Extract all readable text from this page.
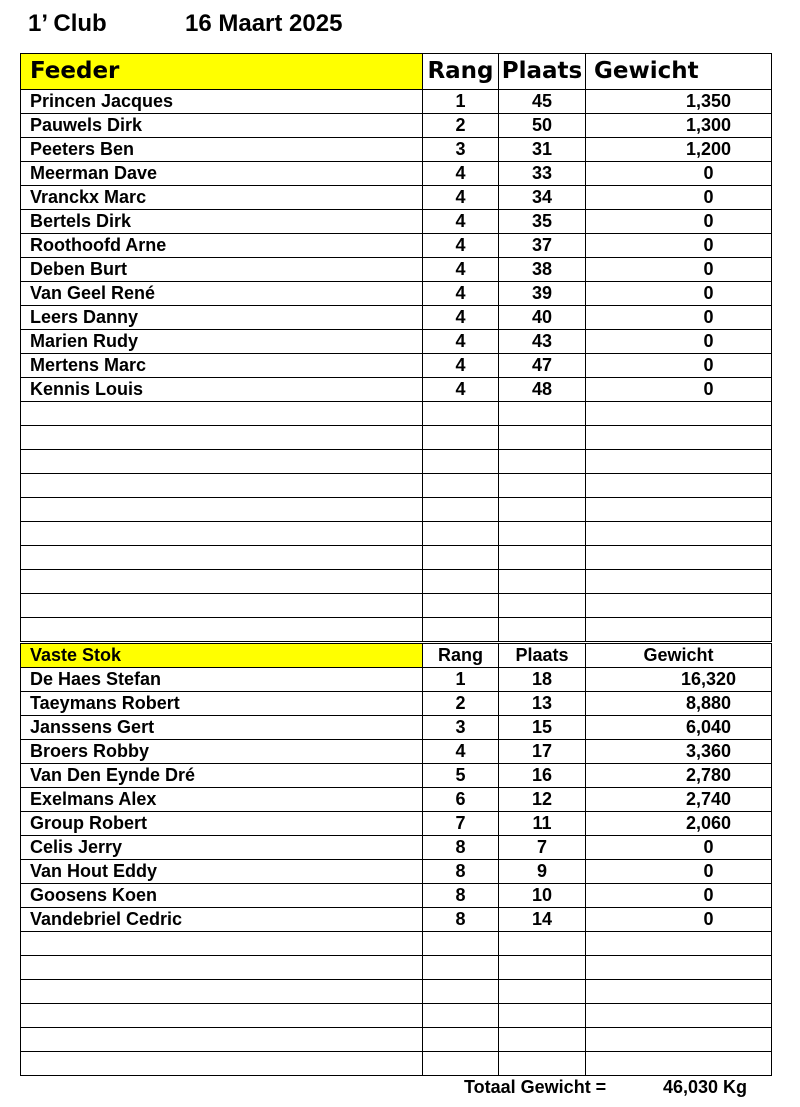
1’ Club	16 Maart 2025
Feeder	Rang	Plaats	Gewicht
Princen Jacques	1	45	1,350
Pauwels Dirk	2	50	1,300
Peeters Ben	3	31	1,200
Meerman Dave	4	33	0
Vranckx Marc	4	34	0
Bertels Dirk	4	35	0
Roothoofd Arne	4	37	0
Deben Burt	4	38	0
Van Geel René	4	39	0
Leers Danny	4	40	0
Marien Rudy	4	43	0
Mertens Marc	4	47	0
Kennis Louis	4	48	0

Vaste Stok	Rang	Plaats	Gewicht
De Haes Stefan	1	18	16,320
Taeymans Robert	2	13	8,880
Janssens Gert	3	15	6,040
Broers Robby	4	17	3,360
Van Den Eynde Dré	5	16	2,780
Exelmans Alex	6	12	2,740
Group Robert	7	11	2,060
Celis Jerry	8	7	0
Van Hout Eddy	8	9	0
Goosens Koen	8	10	0
Vandebriel Cedric	8	14	0

Totaal Gewicht =	46,030 Kg
